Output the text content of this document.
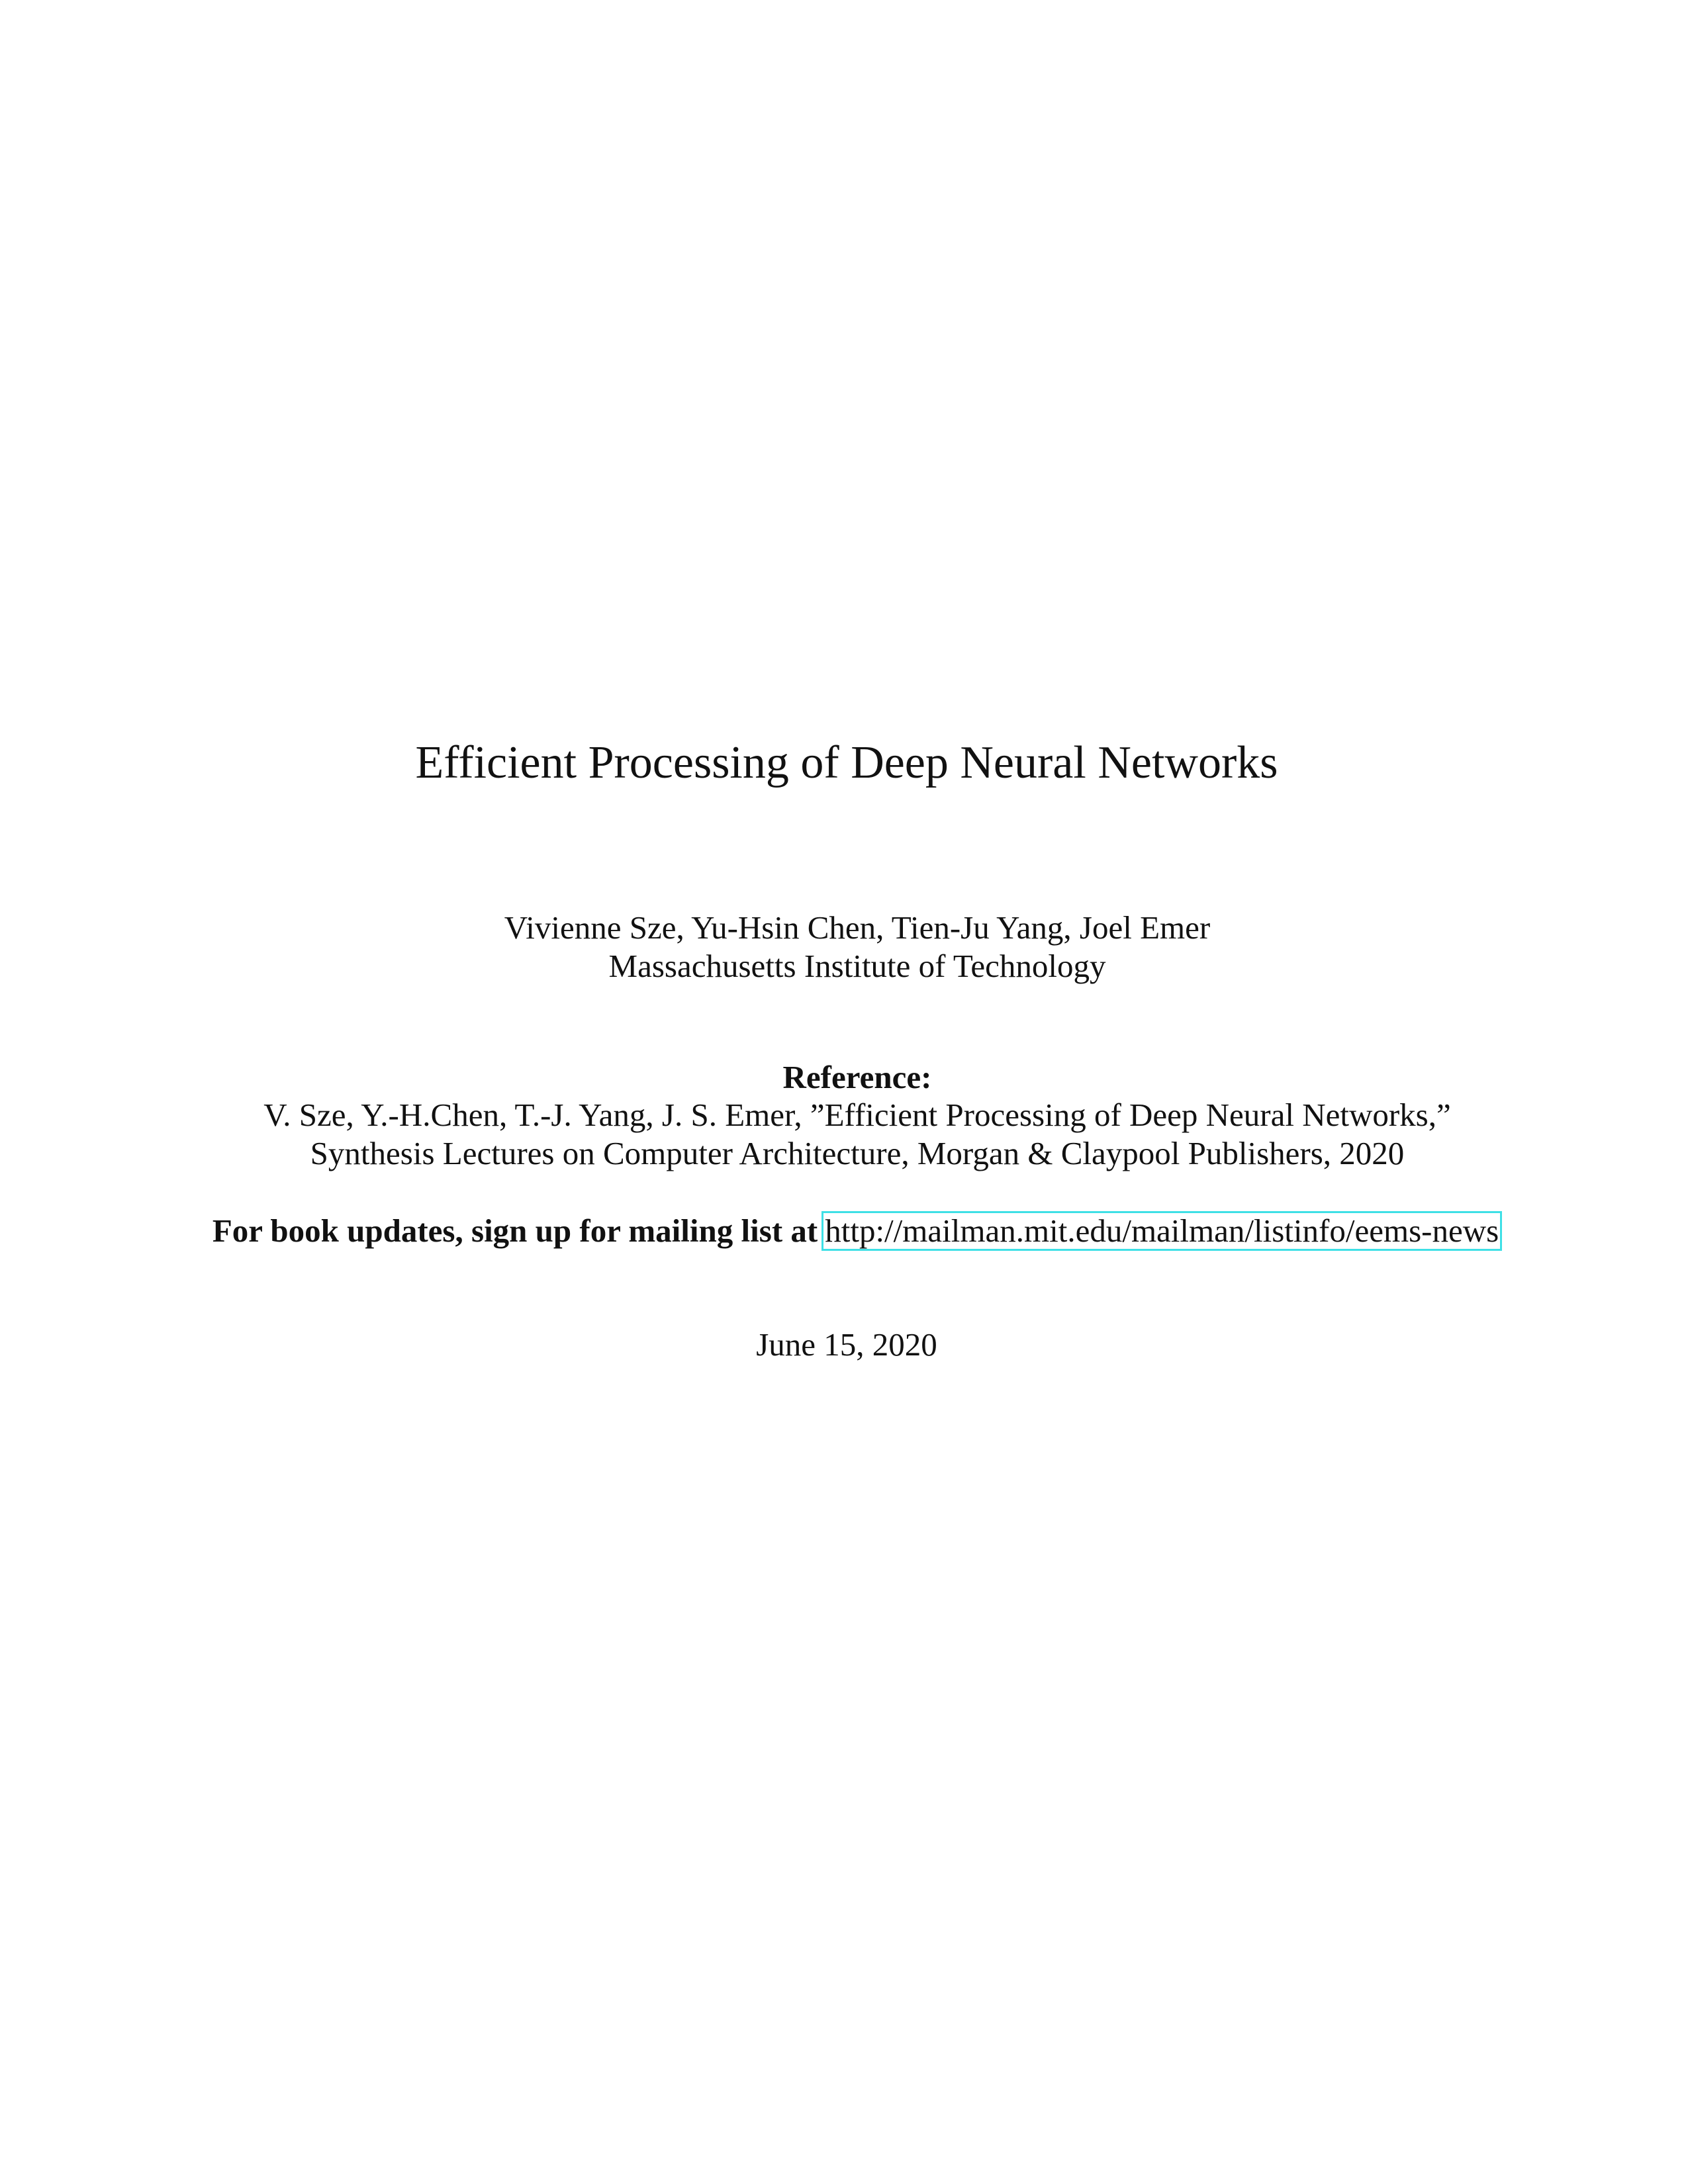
Efficient Processing of Deep Neural Networks
Vivienne Sze, Yu-Hsin Chen, Tien-Ju Yang, Joel Emer
Massachusetts Institute of Technology
Reference:
V. Sze, Y.-H.Chen, T.-J. Yang, J. S. Emer, ”Efficient Processing of Deep Neural Networks,”
Synthesis Lectures on Computer Architecture, Morgan & Claypool Publishers, 2020
For book updates, sign up for mailing list at http://mailman.mit.edu/mailman/listinfo/eems-news
June 15, 2020
